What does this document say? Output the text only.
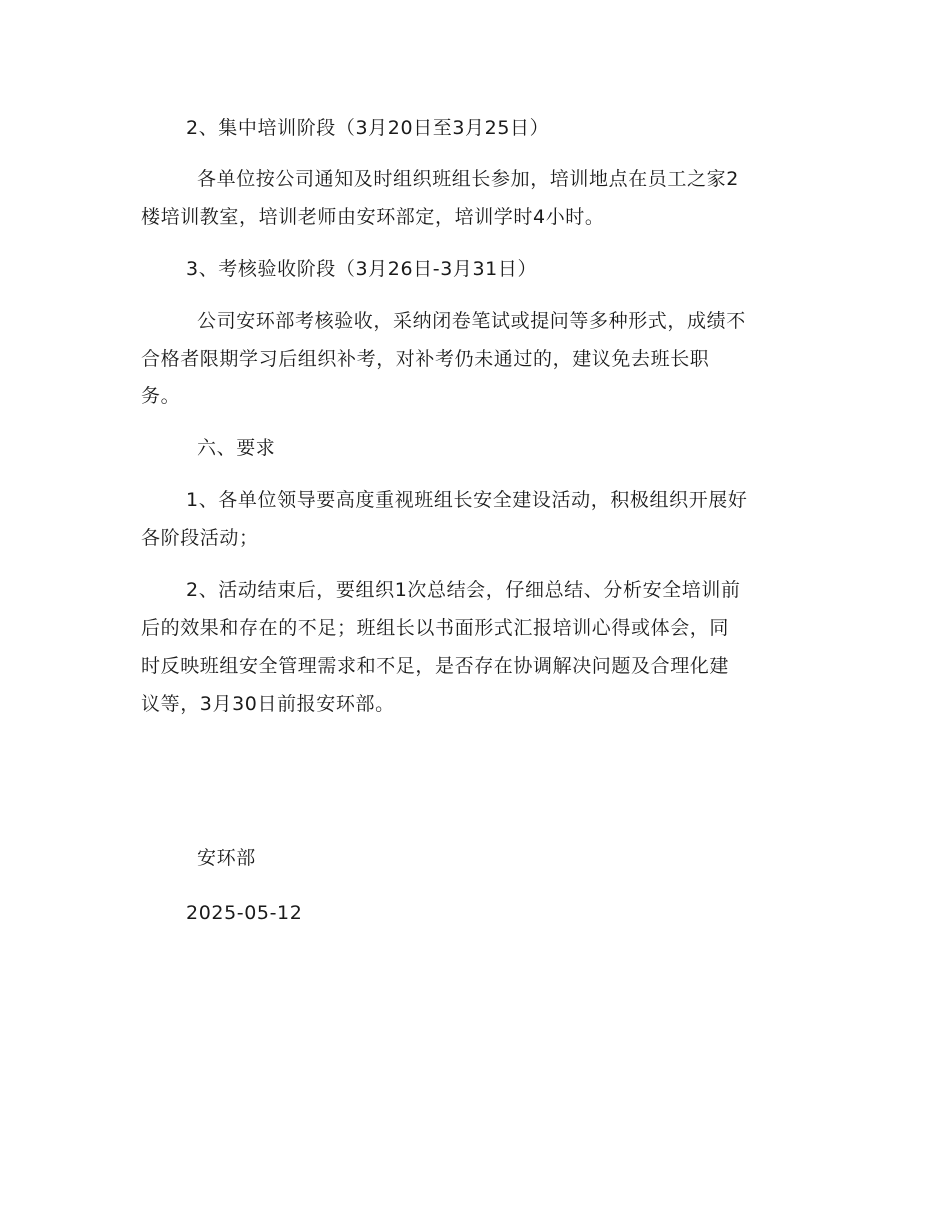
2、集中培训阶段（3月20日至3月25日）
各单位按公司通知及时组织班组长参加，培训地点在员工之家2
楼培训教室，培训老师由安环部定，培训学时4小时。
3、考核验收阶段（3月26日-3月31日）
公司安环部考核验收，采纳闭卷笔试或提问等多种形式，成绩不
合格者限期学习后组织补考，对补考仍未通过的，建议免去班长职
务。
六、要求
1、各单位领导要高度重视班组长安全建设活动，积极组织开展好
各阶段活动；
2、活动结束后，要组织1次总结会，仔细总结、分析安全培训前
后的效果和存在的不足；班组长以书面形式汇报培训心得或体会，同
时反映班组安全管理需求和不足，是否存在协调解决问题及合理化建
议等，3月30日前报安环部。
安环部
2025-05-12
